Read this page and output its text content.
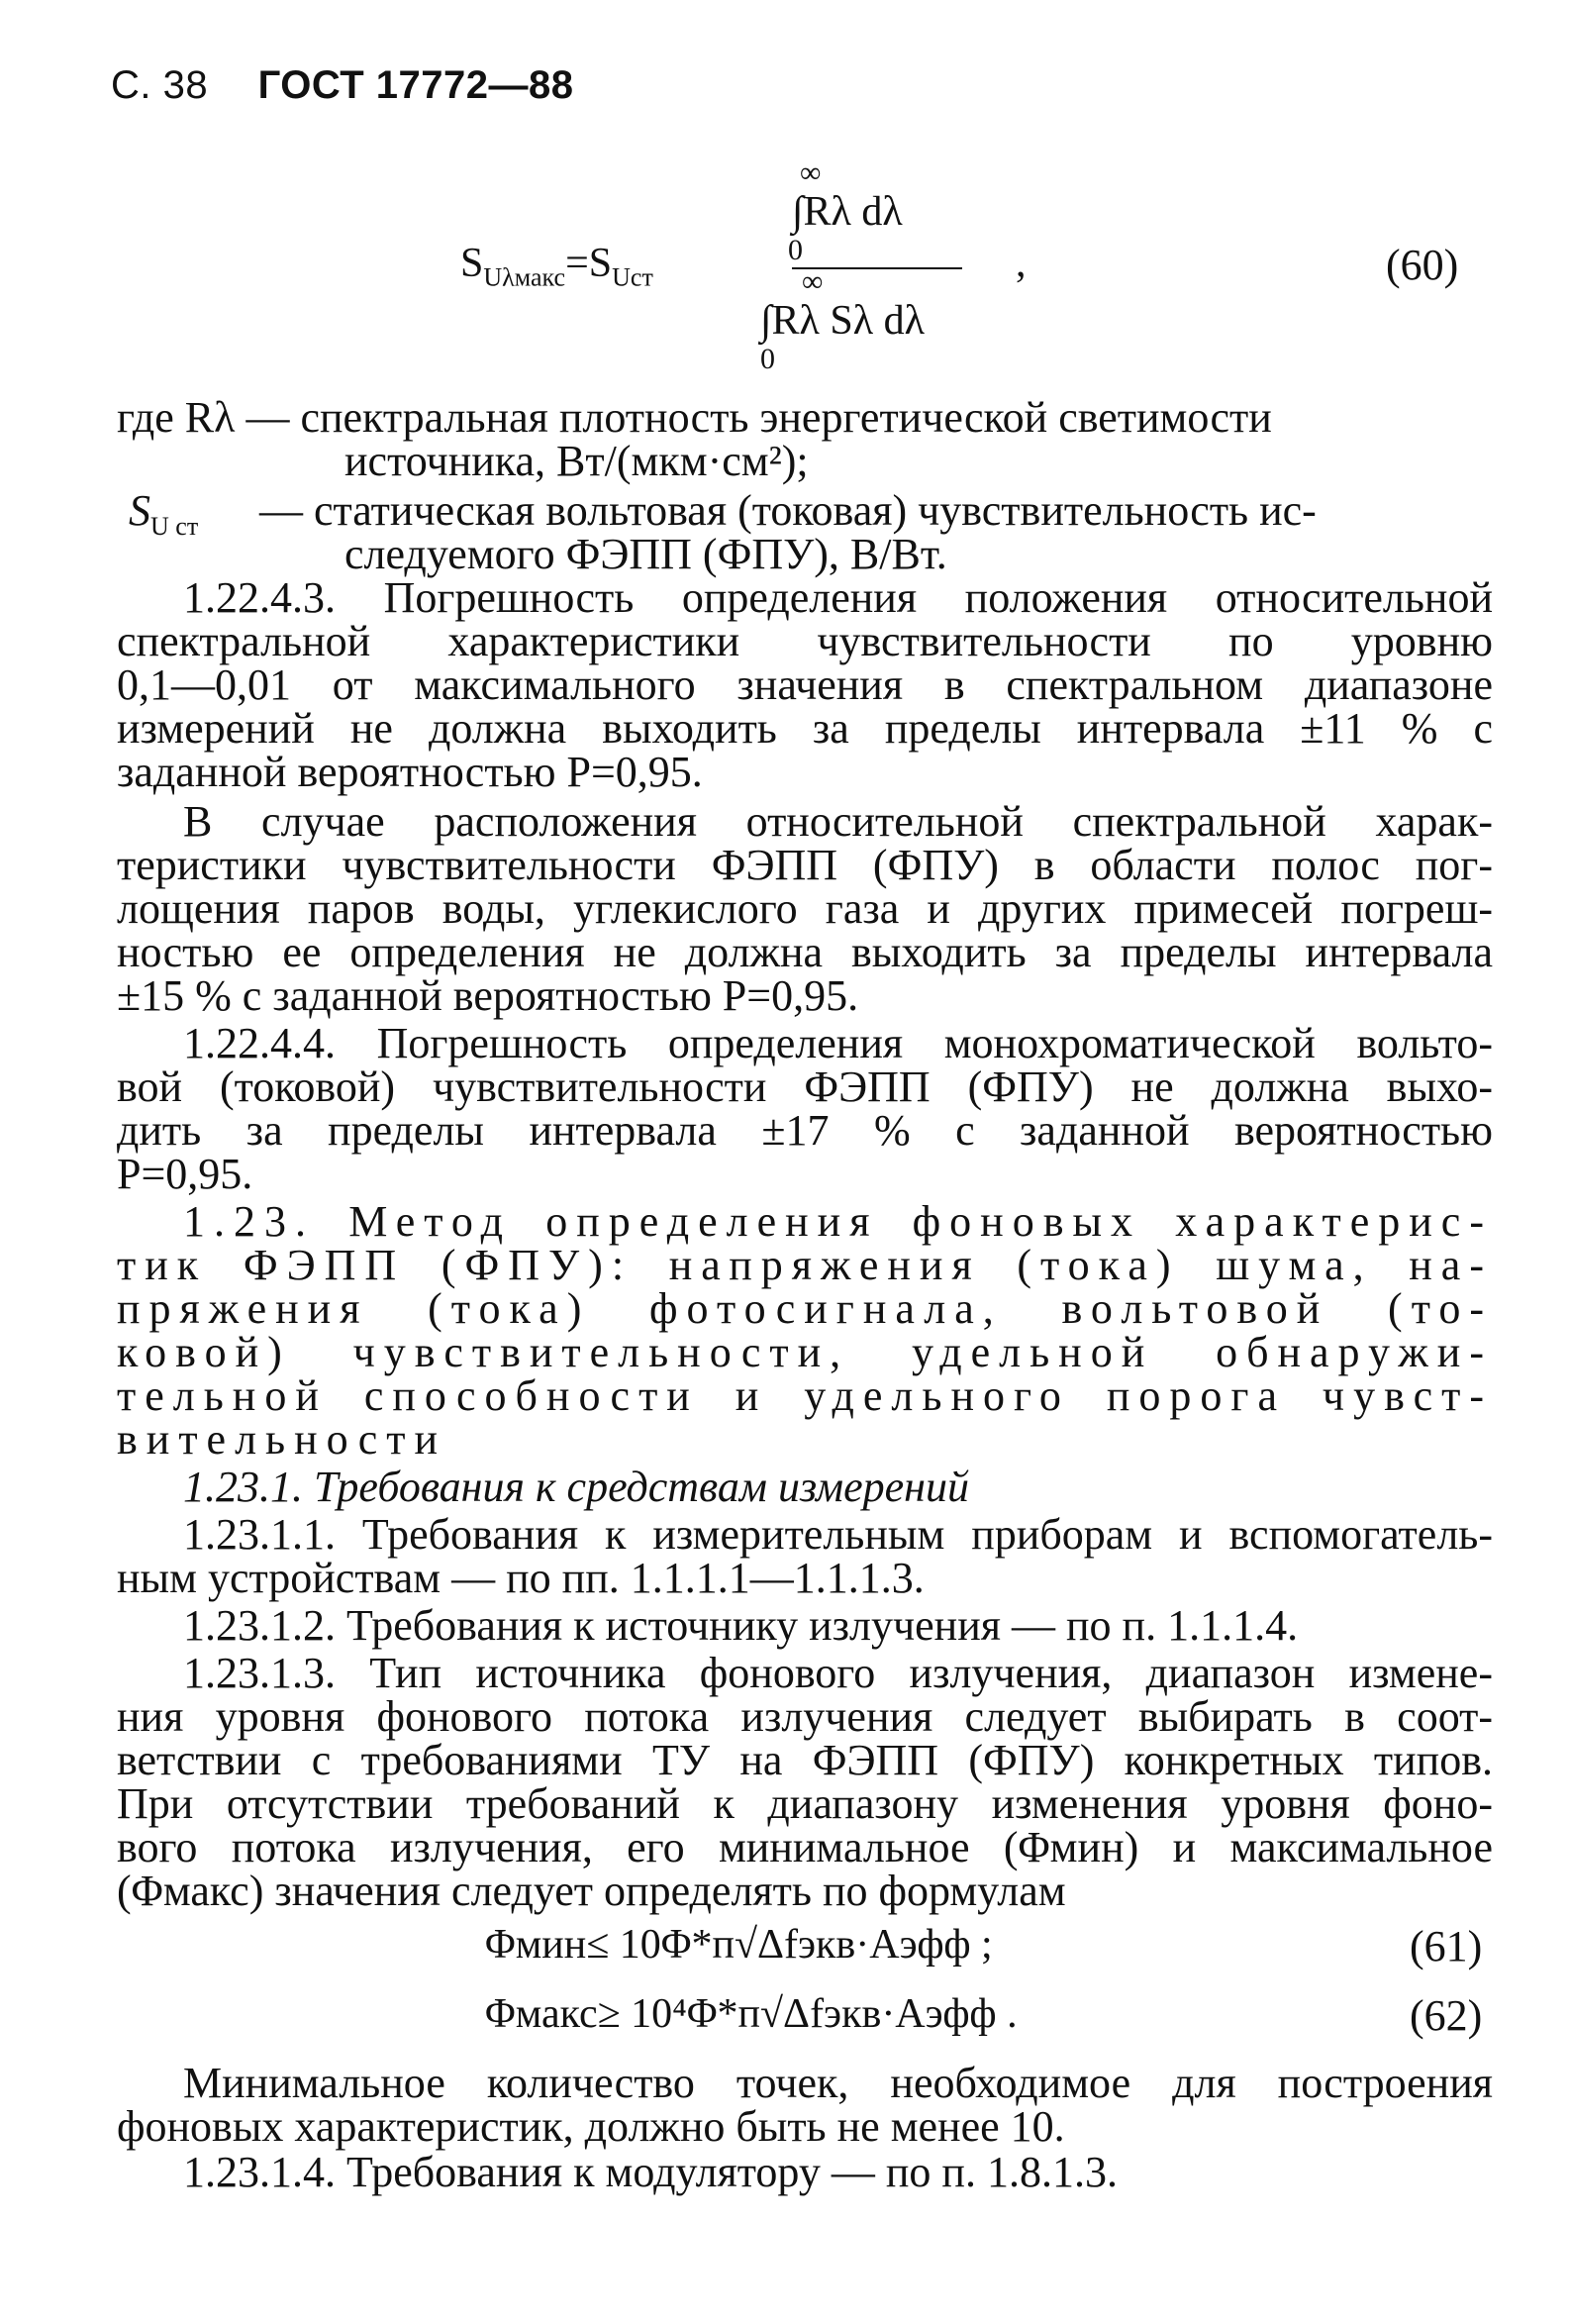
С. 38 ГОСТ 17772—88
∞
∫Rλ dλ
0
$S_{U\lambda макс}=S_{Uст}$	∞
∫Rλ Sλ dλ
0
,	(60)
где Rλ — спектральная плотность энергетической светимости
источника, Вт/(мкм·см²);
$S_{U ст}$ — статическая вольтовая (токовая) чувствительность ис-
следуемого ФЭПП (ФПУ), В/Вт.
1.22.4.3. Погрешность определения положения относительной
спектральной характеристики чувствительности по уровню
0,1—0,01 от максимального значения в спектральном диапазоне
измерений не должна выходить за пределы интервала ±11 % с
заданной вероятностью P=0,95.
В случае расположения относительной спектральной харак-
теристики чувствительности ФЭПП (ФПУ) в области полос пог-
лощения паров воды, углекислого газа и других примесей погреш-
ностью ее определения не должна выходить за пределы интервала
±15 % с заданной вероятностью P=0,95.
1.22.4.4. Погрешность определения монохроматической вольто-
вой (токовой) чувствительности ФЭПП (ФПУ) не должна выхо-
дить за пределы интервала ±17 % с заданной вероятностью
P=0,95.
1.23. Метод определения фоновых характерис-
тик ФЭПП (ФПУ): напряжения (тока) шума, на-
пряжения (тока) фотосигнала, вольтовой (то-
ковой) чувствительности, удельной обнаружи-
тельной способности и удельного порога чувст-
вительности
1.23.1. Требования к средствам измерений
1.23.1.1. Требования к измерительным приборам и вспомогатель-
ным устройствам — по пп. 1.1.1.1—1.1.1.3.
1.23.1.2. Требования к источнику излучения — по п. 1.1.1.4.
1.23.1.3. Тип источника фонового излучения, диапазон измене-
ния уровня фонового потока излучения следует выбирать в соот-
ветствии с требованиями ТУ на ФЭПП (ФПУ) конкретных типов.
При отсутствии требований к диапазону изменения уровня фоно-
вого потока излучения, его минимальное (Φмин) и максимальное
(Φмакс) значения следует определять по формулам
Φмин≤ 10Φ*п√Δfэкв·Aэфф ;	(61)
Φмакс≥ 10⁴Φ*п√Δfэкв·Aэфф .	(62)
Минимальное количество точек, необходимое для построения
фоновых характеристик, должно быть не менее 10.
1.23.1.4. Требования к модулятору — по п. 1.8.1.3.
